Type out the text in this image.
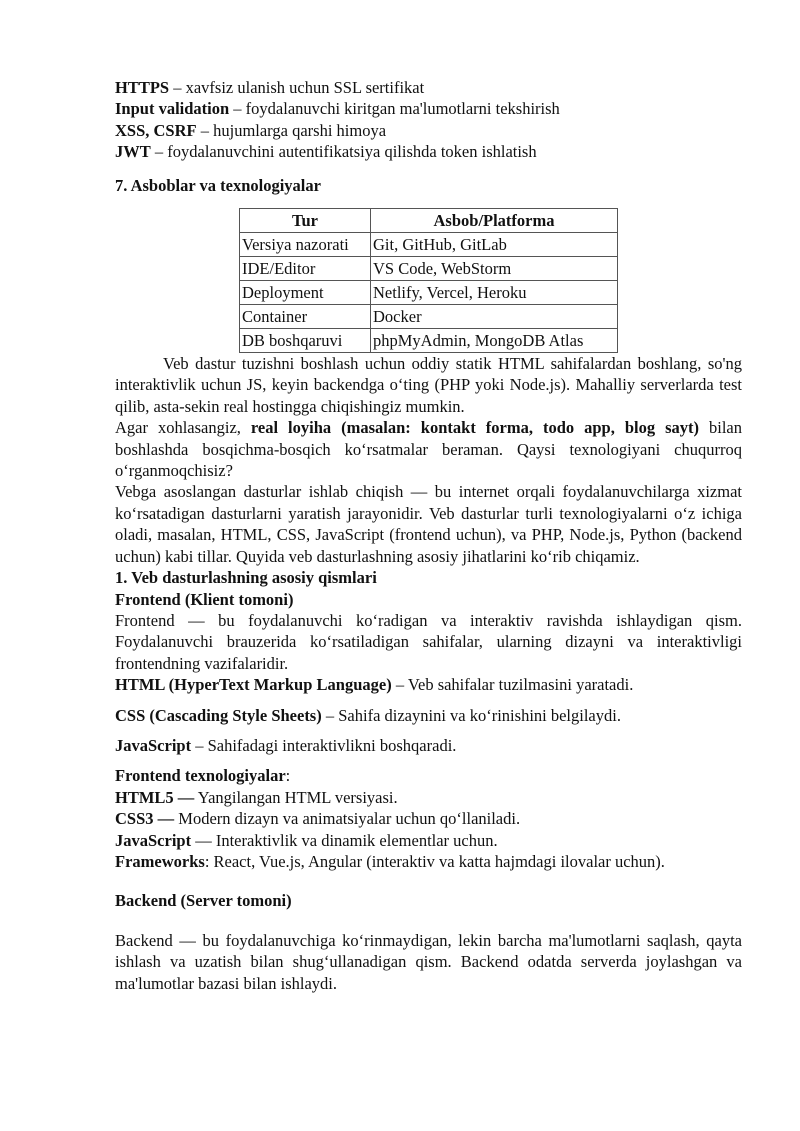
HTTPS – xavfsiz ulanish uchun SSL sertifikat
Input validation – foydalanuvchi kiritgan ma'lumotlarni tekshirish
XSS, CSRF – hujumlarga qarshi himoya
JWT – foydalanuvchini autentifikatsiya qilishda token ishlatish
7. Asboblar va texnologiyalar
Tur	Asbob/Platforma
Versiya nazorati	Git, GitHub, GitLab
IDE/Editor	VS Code, WebStorm
Deployment	Netlify, Vercel, Heroku
Container	Docker
DB boshqaruvi	phpMyAdmin, MongoDB Atlas
Veb dastur tuzishni boshlash uchun oddiy statik HTML sahifalardan boshlang, so'ng interaktivlik uchun JS, keyin backendga o‘ting (PHP yoki Node.js). Mahalliy serverlarda test qilib, asta-sekin real hostingga chiqishingiz mumkin.
Agar xohlasangiz, real loyiha (masalan: kontakt forma, todo app, blog sayt) bilan boshlashda bosqichma-bosqich ko‘rsatmalar beraman. Qaysi texnologiyani chuqurroq o‘rganmoqchisiz?
Vebga asoslangan dasturlar ishlab chiqish — bu internet orqali foydalanuvchilarga xizmat ko‘rsatadigan dasturlarni yaratish jarayonidir. Veb dasturlar turli texnologiyalarni o‘z ichiga oladi, masalan, HTML, CSS, JavaScript (frontend uchun), va PHP, Node.js, Python (backend uchun) kabi tillar. Quyida veb dasturlashning asosiy jihatlarini ko‘rib chiqamiz.
1. Veb dasturlashning asosiy qismlari
Frontend (Klient tomoni)
Frontend — bu foydalanuvchi ko‘radigan va interaktiv ravishda ishlaydigan qism. Foydalanuvchi brauzerida ko‘rsatiladigan sahifalar, ularning dizayni va interaktivligi frontendning vazifalaridir.
HTML (HyperText Markup Language) – Veb sahifalar tuzilmasini yaratadi.
CSS (Cascading Style Sheets) – Sahifa dizaynini va ko‘rinishini belgilaydi.
JavaScript – Sahifadagi interaktivlikni boshqaradi.
Frontend texnologiyalar:
HTML5 — Yangilangan HTML versiyasi.
CSS3 — Modern dizayn va animatsiyalar uchun qo‘llaniladi.
JavaScript — Interaktivlik va dinamik elementlar uchun.
Frameworks: React, Vue.js, Angular (interaktiv va katta hajmdagi ilovalar uchun).
Backend (Server tomoni)
Backend — bu foydalanuvchiga ko‘rinmaydigan, lekin barcha ma'lumotlarni saqlash, qayta ishlash va uzatish bilan shug‘ullanadigan qism. Backend odatda serverda joylashgan va ma'lumotlar bazasi bilan ishlaydi.
